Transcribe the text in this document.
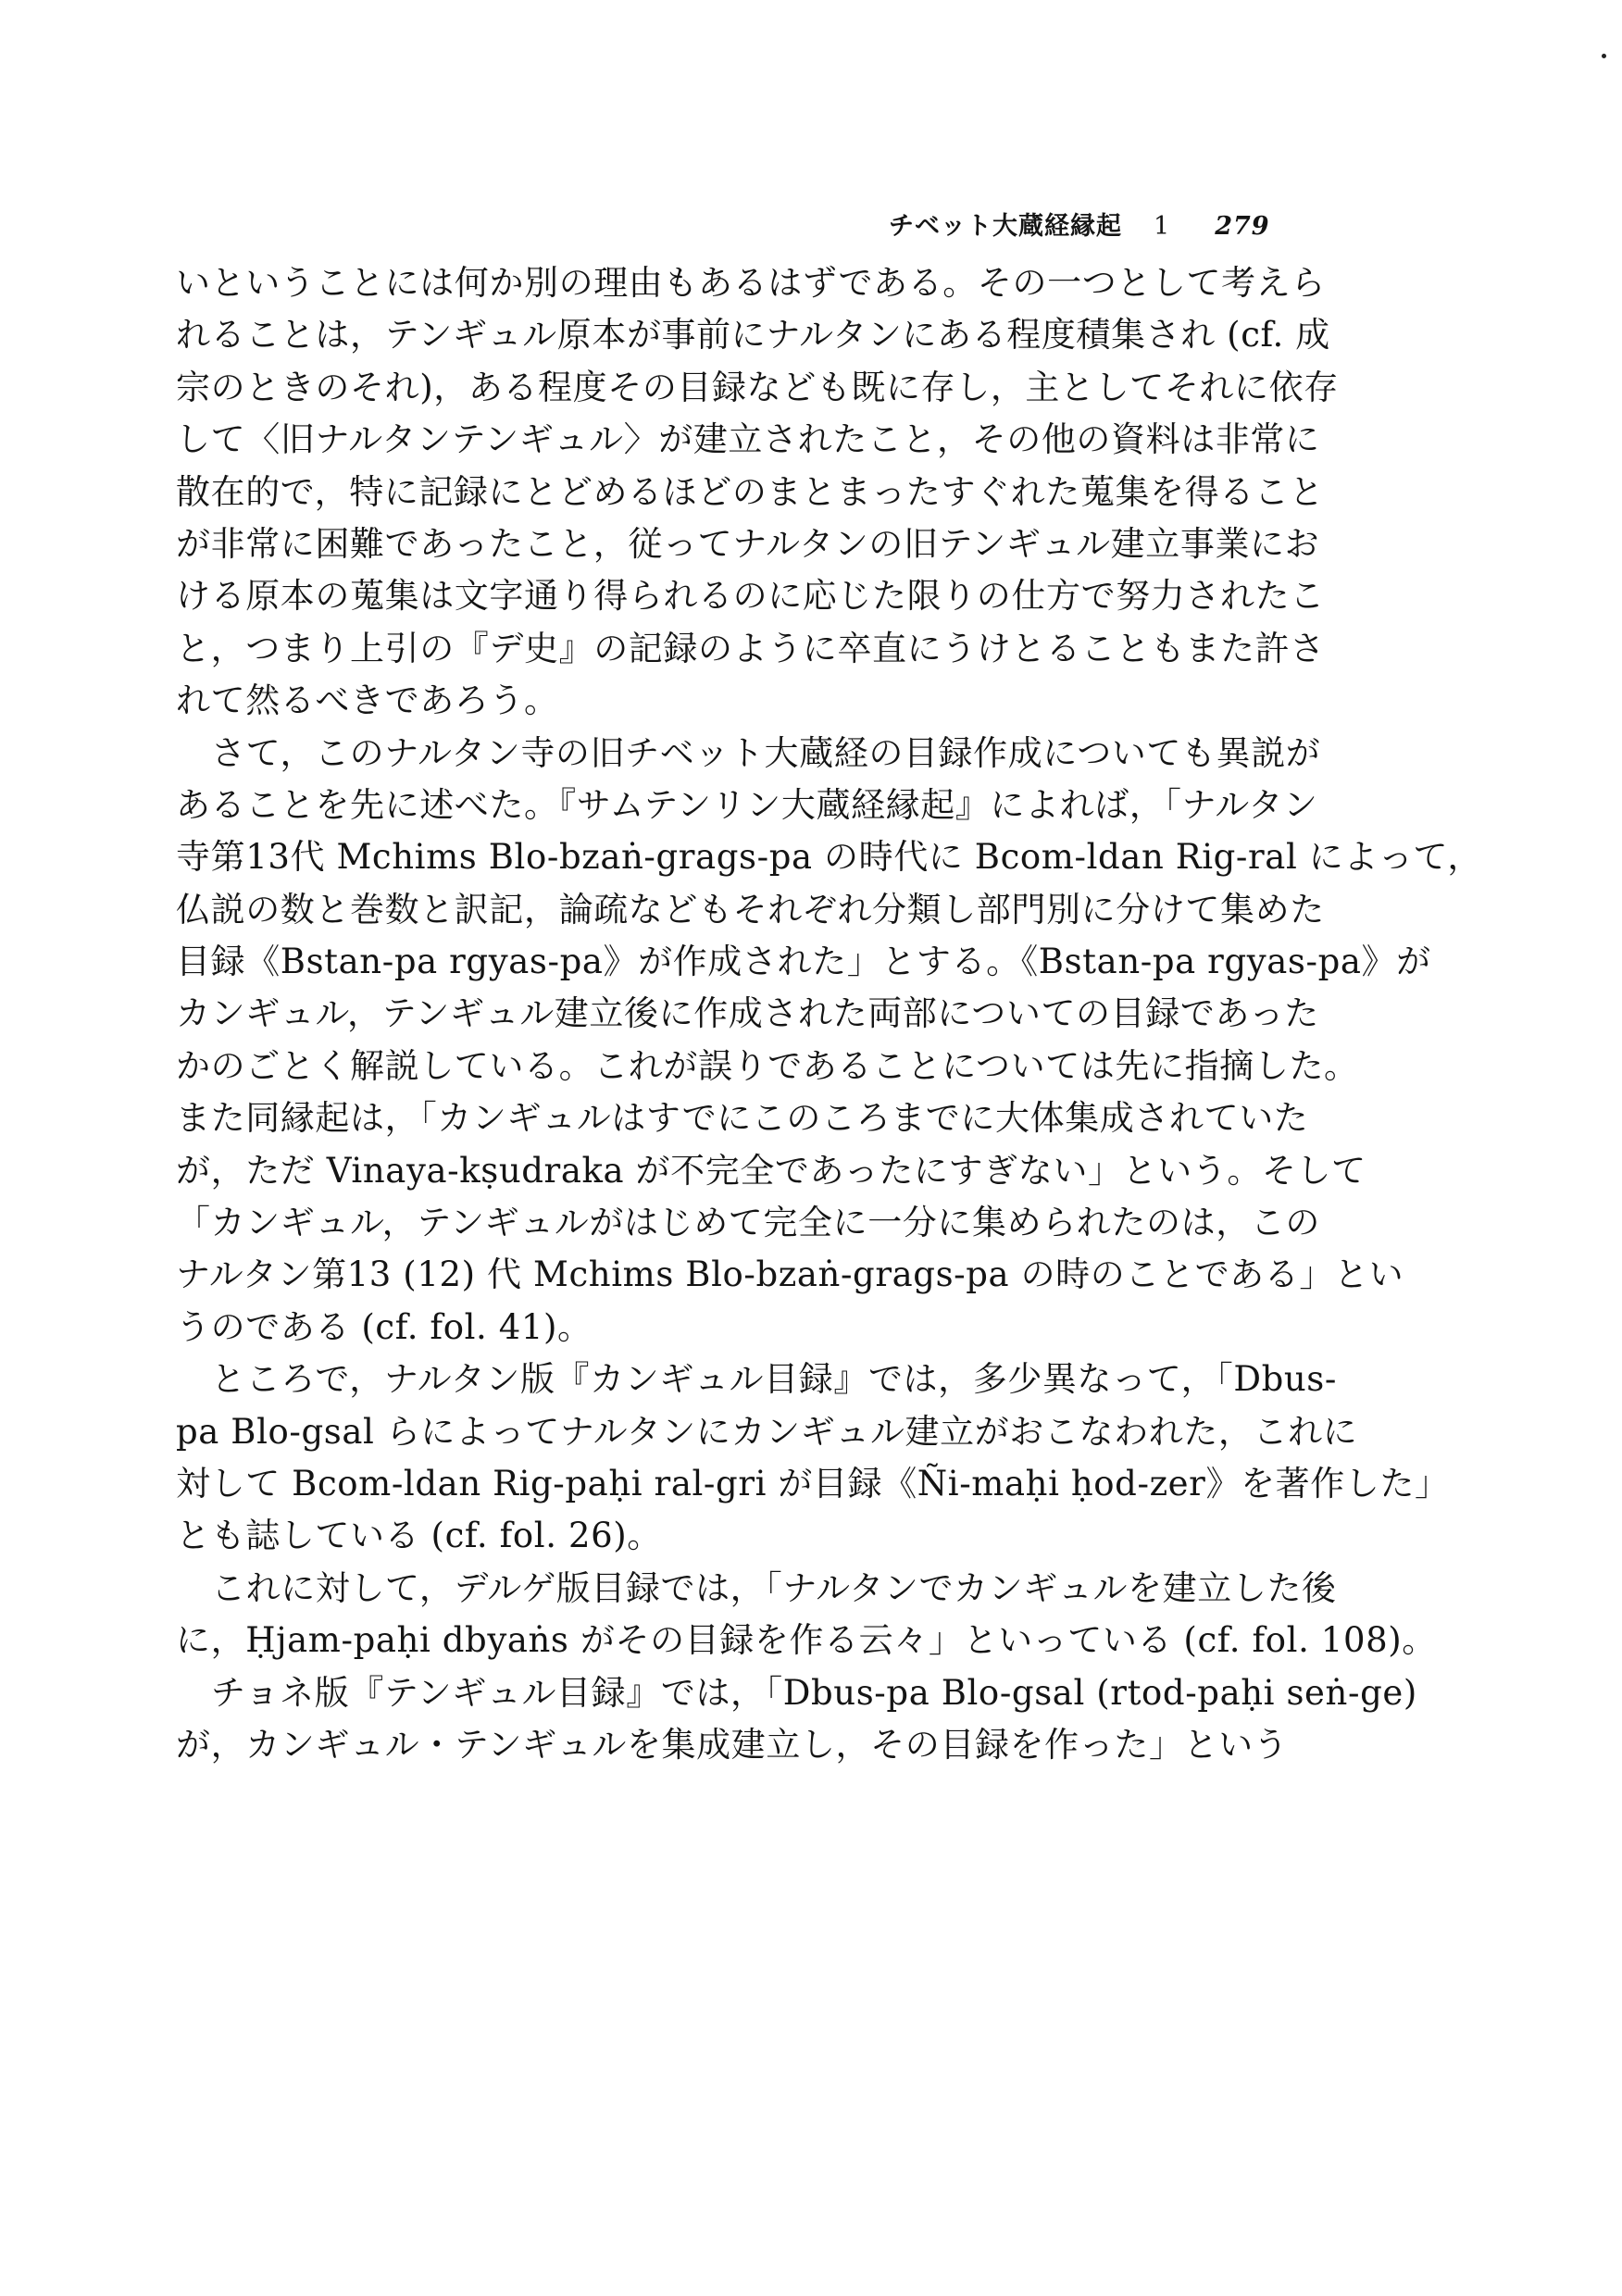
チベット大蔵経縁起 1 279
いということには何か別の理由もあるはずである。その一つとして考えら
れることは，テンギュル原本が事前にナルタンにある程度積集され (cf. 成
宗のときのそれ)，ある程度その目録なども既に存し，主としてそれに依存
して〈旧ナルタンテンギュル〉が建立されたこと，その他の資料は非常に
散在的で，特に記録にとどめるほどのまとまったすぐれた蒐集を得ること
が非常に困難であったこと，従ってナルタンの旧テンギュル建立事業にお
ける原本の蒐集は文字通り得られるのに応じた限りの仕方で努力されたこ
と，つまり上引の『デ史』の記録のように卒直にうけとることもまた許さ
れて然るべきであろう。
さて，このナルタン寺の旧チベット大蔵経の目録作成についても異説が
あることを先に述べた。『サムテンリン大蔵経縁起』によれば，「ナルタン
寺第13代 Mchims Blo-bzaṅ-grags-pa の時代に Bcom-ldan Rig-ral によって，
仏説の数と巻数と訳記，論疏などもそれぞれ分類し部門別に分けて集めた
目録《Bstan-pa rgyas-pa》が作成された」とする。《Bstan-pa rgyas-pa》が
カンギュル，テンギュル建立後に作成された両部についての目録であった
かのごとく解説している。これが誤りであることについては先に指摘した。
また同縁起は，「カンギュルはすでにこのころまでに大体集成されていた
が，ただ Vinaya-kṣudraka が不完全であったにすぎない」という。そして
「カンギュル，テンギュルがはじめて完全に一分に集められたのは，この
ナルタン第13 (12) 代 Mchims Blo-bzaṅ-grags-pa の時のことである」とい
うのである (cf. fol. 41)。
ところで，ナルタン版『カンギュル目録』では，多少異なって，「Dbus-
pa Blo-gsal らによってナルタンにカンギュル建立がおこなわれた，これに
対して Bcom-ldan Rig-paḥi ral-gri が目録《Ñi-maḥi ḥod-zer》を著作した」
とも誌している (cf. fol. 26)。
これに対して，デルゲ版目録では，「ナルタンでカンギュルを建立した後
に，Ḥjam-paḥi dbyaṅs がその目録を作る云々」といっている (cf. fol. 108)。
チョネ版『テンギュル目録』では，「Dbus-pa Blo-gsal (rtod-paḥi seṅ-ge)
が，カンギュル・テンギュルを集成建立し，その目録を作った」という
